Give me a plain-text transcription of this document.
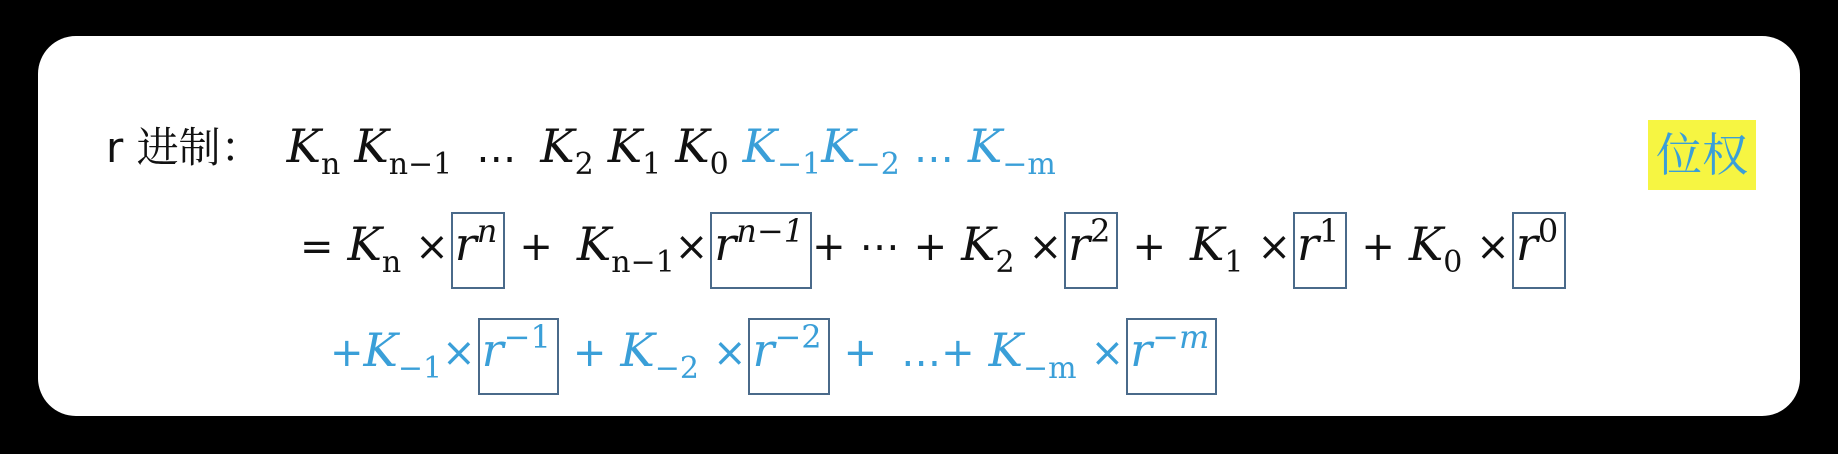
r 进制： K n K n−1 … K 2 K 1 K 0 K −1 K −2 … K −m
= K $n \times r^n + K$ $n-1 \times r^{n-1}$ + ⋯ + K $2 \times r^2 + K$ $1 \times r^1 + K$ $0 \times r^0$
+ $K -1 \times r^{-1} + K -2 \times r^{-2}$ + … + $K -m \times r^{-m}$
位权
